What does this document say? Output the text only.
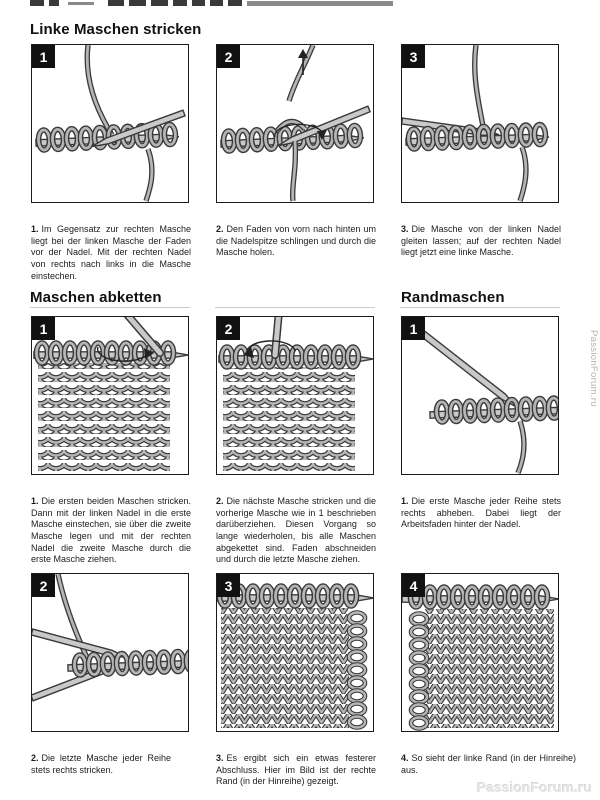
Linke Maschen stricken
1	2	3

1. Im Gegensatz zur rechten Masche liegt bei der linken Masche der Faden vor der Nadel. Mit der rechten Nadel von rechts nach links in die Masche einstechen.

2. Den Faden von vorn nach hinten um die Nadelspitze schlingen und durch die Masche holen.

3. Die Masche von der linken Nadel gleiten lassen; auf der rechten Nadel liegt jetzt eine linke Masche.

Maschen abketten	Randmaschen
1	2	1

1. Die ersten beiden Maschen stricken. Dann mit der linken Nadel in die erste Masche einstechen, sie über die zweite Masche legen und mit der rechten Nadel die zweite Masche durch die erste Masche ziehen.

2. Die nächste Masche stricken und die vorherige Masche wie in 1 beschrieben darüberziehen. Diesen Vorgang so lange wiederholen, bis alle Maschen abgekettet sind. Faden abschneiden und durch die letzte Masche ziehen.

1. Die erste Masche jeder Reihe stets rechts abheben. Dabei liegt der Arbeitsfaden hinter der Nadel.

2	3	4

2. Die letzte Masche jeder Reihe stets rechts stricken.

3. Es ergibt sich ein etwas festerer Abschluss. Hier im Bild ist der rechte Rand (in der Hinreihe) gezeigt.

4. So sieht der linke Rand (in der Hinreihe) aus.

PassionForum.ru
PassionForum.ru
